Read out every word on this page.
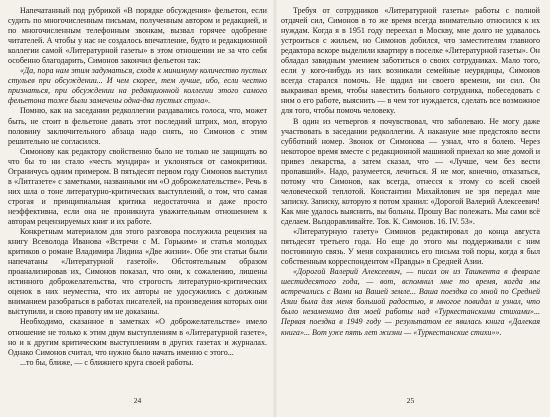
Напечатанный под рубрикой «В порядке обсуждения» фельетон, если судить по многочисленным письмам, полученным автором и редакцией, и по многочисленным телефонным звонкам, вызвал горячее одобрение читателей. А чтобы у нас не создалось впечатление, будто и редакционной коллегии самой «Литературной газеты» в этом отношении не за что себя особенно благодарить, Симонов закончил фельетон так:

«Да, пора нам этим задуматься, сходя к минимуму количество пустых стульев при обсуждении... И чем скорее, тем лучше, ибо, если честно признаться, при обсуждении на редакционной коллегии этого самого фельетона тоже были замечены одна-два пустых стула».

Помню, как на заседании редколлегии раздавались голоса, что, может быть, не стоит в фельетоне давать этот последний штрих, мол, вторую половину заключительного абзаца надо снять, но Симонов с этим решительно не согласился.

Симонову как редактору свойственно было не только не защищать во что бы то ни стало «честь мундира» и уклоняться от самокритики. Ограничусь одним примером. В пятьдесят первом году Симонов выступил в «Литгазете» с заметками, названными им «О доброжелательстве». Речь в них шла о тоне литературно-критических выступлений, о том, что самая строгая и принципиальная критика недостаточна и даже просто неэффективна, если она не проникнута уважительным отношением к авторам рецензируемых книг и их работе.

Конкретным материалом для этого разговора послужила рецензия на книгу Всеволода Иванова «Встречи с М. Горьким» и статья молодых критиков о романе Владимира Лидина «Две жизни». Обе эти статьи были напечатаны «Литературной газетой». Обстоятельным образом проанализировав их, Симонов показал, что они, к сожалению, лишены истинного доброжелательства, что строгость литературно-критических оценок в них неуместна, что их авторы не удосужились с должным вниманием разобраться в работах писателей, на произведения которых они выступили, и свою правоту им не доказаны.

Необходимо, сказанное в заметках «О доброжелательстве» имело отношение не только к этим двум выступлениям в «Литературной газете», но и к другим критическим выступлениям в других газетах и журналах. Однако Симонов считал, что нужно было начать именно с этого...

...то бы, ближе, — с ближнего круга своей работы.

24

Требуя от сотрудников «Литературной газеты» работы с полной отдачей сил, Симонов в то же время всегда внимательно относился к их нуждам. Когда я в 1951 году переехал в Москву, мне долго не удавалось устроиться с жильем, но Симонов добился, что заместителям главного редактора вскоре выделили квартиру в поселке «Литературной газеты». Он обладал завидным умением заботиться о своих сотрудниках. Мало того, если у кого-нибудь из них возникали семейные неурядицы, Симонов всегда старался помочь. Не щадил ни своего времени, ни сил. Он выкраивал время, чтобы навестить больного сотрудника, побеседовать с ним о его работе, выяснить — в чем тот нуждается, сделать все возможное для того, чтобы помочь человеку.

В один из четвергов я почувствовал, что заболеваю. Не могу даже участвовать в заседании редколлегии. А накануне мне предстояло вести субботний номер. Звонок от Симонова — узнал, что я болею. Через некоторое время вместе с редакционной машиной приехал ко мне домой и привез лекарства, а затем сказал, что — «Лучше, чем без вести пропавший». Надо, разумеется, лечиться. Я не мог, конечно, отказаться, потому что Симонов, как всегда, отнесся к этому со всей своей человеческой теплотой. Константин Михайлович не зря передал мне записку. Записку, которую я потом хранил: «Дорогой Валерий Алексеевич! Как мне удалось выяснить, вы больны. Прошу Вас полежать. Мы сами всё сделаем. Выздоравливайте. Тов. К. Симонов. 16. IV. 53».

«Литературную газету» Симонов редактировал до конца августа пятьдесят третьего года. Но еще до этого мы поддерживали с ним постоянную связь. У меня сохранились его письма той поры, когда я был собственным корреспондентом «Правды» в Средней Азии.

«Дорогой Валерий Алексеевич, — писал он из Ташкента в феврале шестидесятого года, — вот, вспомнил мне то время, когда мы встречались с Вами на Вашей земле... Ваша поездка со мной по Средней Азии была для меня большой радостью, я многое повидал и узнал, что было незаменимо для моей работы над «Туркестанскими стихами»... Первая поездка в 1949 году — результатом ее явилась книга «Далекая книга»... Вот уже пять лет жизни — «Туркестанские стихи»».

25
